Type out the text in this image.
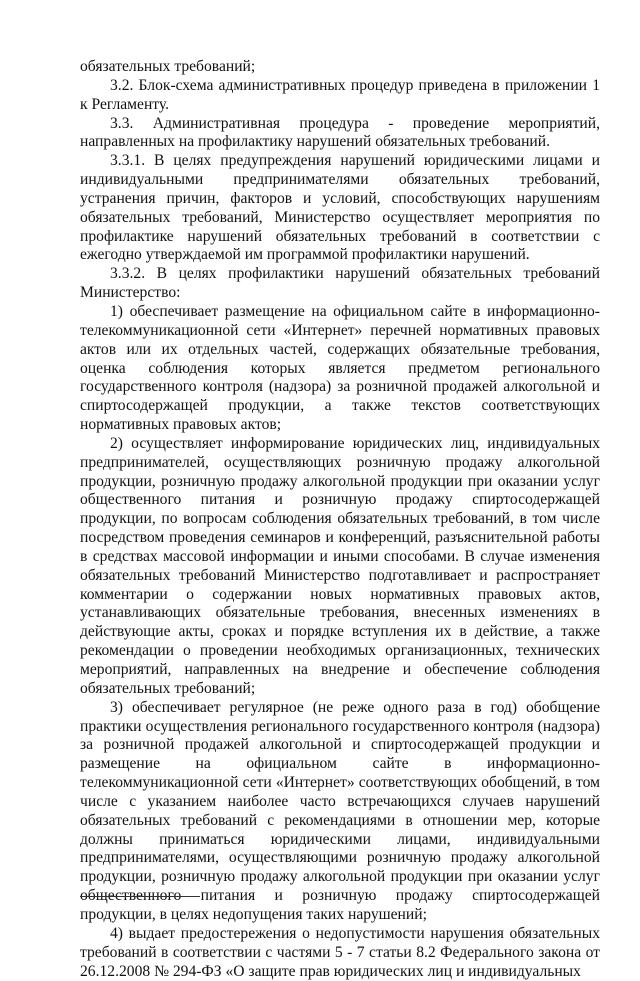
обязательных требований;

3.2. Блок-схема административных процедур приведена в приложении 1 к Регламенту.

3.3. Административная процедура - проведение мероприятий, направленных на профилактику нарушений обязательных требований.

3.3.1. В целях предупреждения нарушений юридическими лицами и индивидуальными предпринимателями обязательных требований, устранения причин, факторов и условий, способствующих нарушениям обязательных требований, Министерство осуществляет мероприятия по профилактике нарушений обязательных требований в соответствии с ежегодно утверждаемой им программой профилактики нарушений.

3.3.2. В целях профилактики нарушений обязательных требований Министерство:

1) обеспечивает размещение на официальном сайте в информационно-телекоммуникационной сети «Интернет» перечней нормативных правовых актов или их отдельных частей, содержащих обязательные требования, оценка соблюдения которых является предметом регионального государственного контроля (надзора) за розничной продажей алкогольной и спиртосодержащей продукции, а также текстов соответствующих нормативных правовых актов;

2) осуществляет информирование юридических лиц, индивидуальных предпринимателей, осуществляющих розничную продажу алкогольной продукции, розничную продажу алкогольной продукции при оказании услуг общественного питания и розничную продажу спиртосодержащей продукции, по вопросам соблюдения обязательных требований, в том числе посредством проведения семинаров и конференций, разъяснительной работы в средствах массовой информации и иными способами. В случае изменения обязательных требований Министерство подготавливает и распространяет комментарии о содержании новых нормативных правовых актов, устанавливающих обязательные требования, внесенных изменениях в действующие акты, сроках и порядке вступления их в действие, а также рекомендации о проведении необходимых организационных, технических мероприятий, направленных на внедрение и обеспечение соблюдения обязательных требований;

3) обеспечивает регулярное (не реже одного раза в год) обобщение практики осуществления регионального государственного контроля (надзора) за розничной продажей алкогольной и спиртосодержащей продукции и размещение на официальном сайте в информационно-телекоммуникационной сети «Интернет» соответствующих обобщений, в том числе с указанием наиболее часто встречающихся случаев нарушений обязательных требований с рекомендациями в отношении мер, которые должны приниматься юридическими лицами, индивидуальными предпринимателями, осуществляющими розничную продажу алкогольной продукции, розничную продажу алкогольной продукции при оказании услуг общественного питания и розничную продажу спиртосодержащей продукции, в целях недопущения таких нарушений;

4) выдает предостережения о недопустимости нарушения обязательных требований в соответствии с частями 5 - 7 статьи 8.2 Федерального закона от 26.12.2008 № 294-ФЗ «О защите прав юридических лиц и индивидуальных
